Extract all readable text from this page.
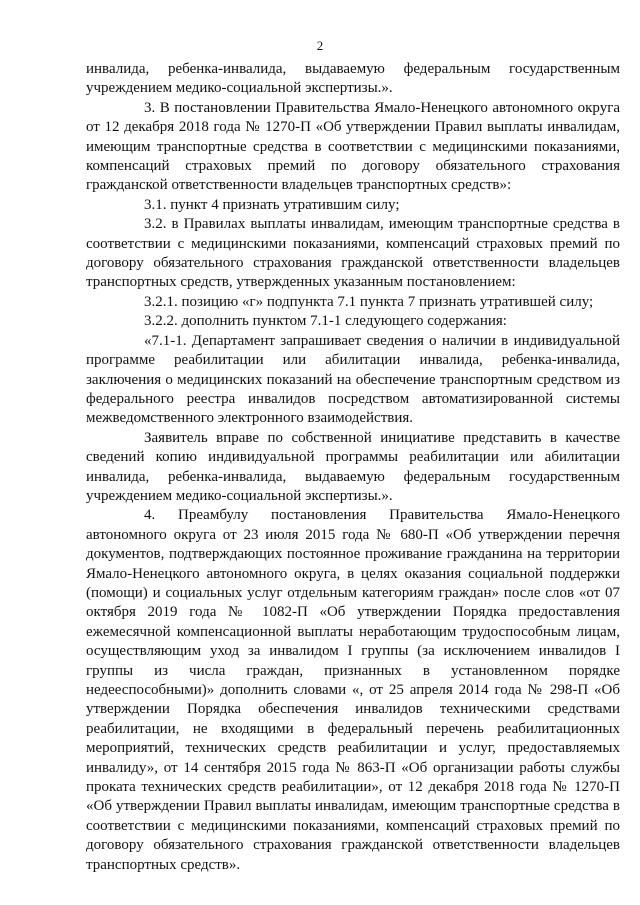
2

инвалида, ребенка-инвалида, выдаваемую федеральным государственным учреждением медико-социальной экспертизы.».

3. В постановлении Правительства Ямало-Ненецкого автономного округа от 12 декабря 2018 года № 1270-П «Об утверждении Правил выплаты инвалидам, имеющим транспортные средства в соответствии с медицинскими показаниями, компенсаций страховых премий по договору обязательного страхования гражданской ответственности владельцев транспортных средств»:

3.1. пункт 4 признать утратившим силу;

3.2. в Правилах выплаты инвалидам, имеющим транспортные средства в соответствии с медицинскими показаниями, компенсаций страховых премий по договору обязательного страхования гражданской ответственности владельцев транспортных средств, утвержденных указанным постановлением:

3.2.1. позицию «г» подпункта 7.1 пункта 7 признать утратившей силу;

3.2.2. дополнить пунктом 7.1-1 следующего содержания:

«7.1-1. Департамент запрашивает сведения о наличии в индивидуальной программе реабилитации или абилитации инвалида, ребенка-инвалида, заключения о медицинских показаний на обеспечение транспортным средством из федерального реестра инвалидов посредством автоматизированной системы межведомственного электронного взаимодействия.

Заявитель вправе по собственной инициативе представить в качестве сведений копию индивидуальной программы реабилитации или абилитации инвалида, ребенка-инвалида, выдаваемую федеральным государственным учреждением медико-социальной экспертизы.».

4. Преамбулу постановления Правительства Ямало-Ненецкого автономного округа от 23 июля 2015 года № 680-П «Об утверждении перечня документов, подтверждающих постоянное проживание гражданина на территории Ямало-Ненецкого автономного округа, в целях оказания социальной поддержки (помощи) и социальных услуг отдельным категориям граждан» после слов «от 07 октября 2019 года № 1082-П «Об утверждении Порядка предоставления ежемесячной компенсационной выплаты неработающим трудоспособным лицам, осуществляющим уход за инвалидом I группы (за исключением инвалидов I группы из числа граждан, признанных в установленном порядке недееспособными)» дополнить словами «, от 25 апреля 2014 года № 298-П «Об утверждении Порядка обеспечения инвалидов техническими средствами реабилитации, не входящими в федеральный перечень реабилитационных мероприятий, технических средств реабилитации и услуг, предоставляемых инвалиду», от 14 сентября 2015 года № 863-П «Об организации работы службы проката технических средств реабилитации», от 12 декабря 2018 года № 1270-П «Об утверждении Правил выплаты инвалидам, имеющим транспортные средства в соответствии с медицинскими показаниями, компенсаций страховых премий по договору обязательного страхования гражданской ответственности владельцев транспортных средств».
